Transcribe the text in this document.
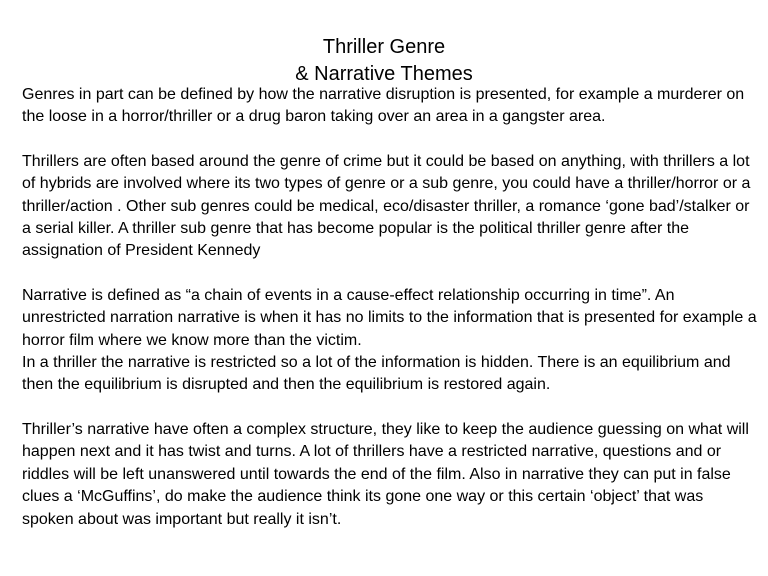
Thriller Genre
& Narrative Themes

Genres in part can be defined by how the narrative disruption is presented, for example a murderer on the loose in a horror/thriller or a drug baron taking over an area in a gangster area.

Thrillers are often based around the genre of crime but it could be based on anything, with thrillers a lot of hybrids are involved where its two types of genre or a sub genre, you could have a thriller/horror or a thriller/action . Other sub genres could be medical, eco/disaster thriller, a romance ‘gone bad’/stalker or a serial killer. A thriller sub genre that has become popular is the political thriller genre after the assignation of President Kennedy

Narrative is defined as “a chain of events in a cause-effect relationship occurring in time”. An unrestricted narration narrative is when it has no limits to the information that is presented for example a horror film where we know more than the victim.

In a thriller the narrative is restricted so a lot of the information is hidden. There is an equilibrium and then the equilibrium is disrupted and then the equilibrium is restored again.

Thriller’s narrative have often a complex structure, they like to keep the audience guessing on what will happen next and it has twist and turns. A lot of thrillers have a restricted narrative, questions and or riddles will be left unanswered until towards the end of the film. Also in narrative they can put in false clues a ‘McGuffins’, do make the audience think its gone one way or this certain ‘object’ that was spoken about was important but really it isn’t.
